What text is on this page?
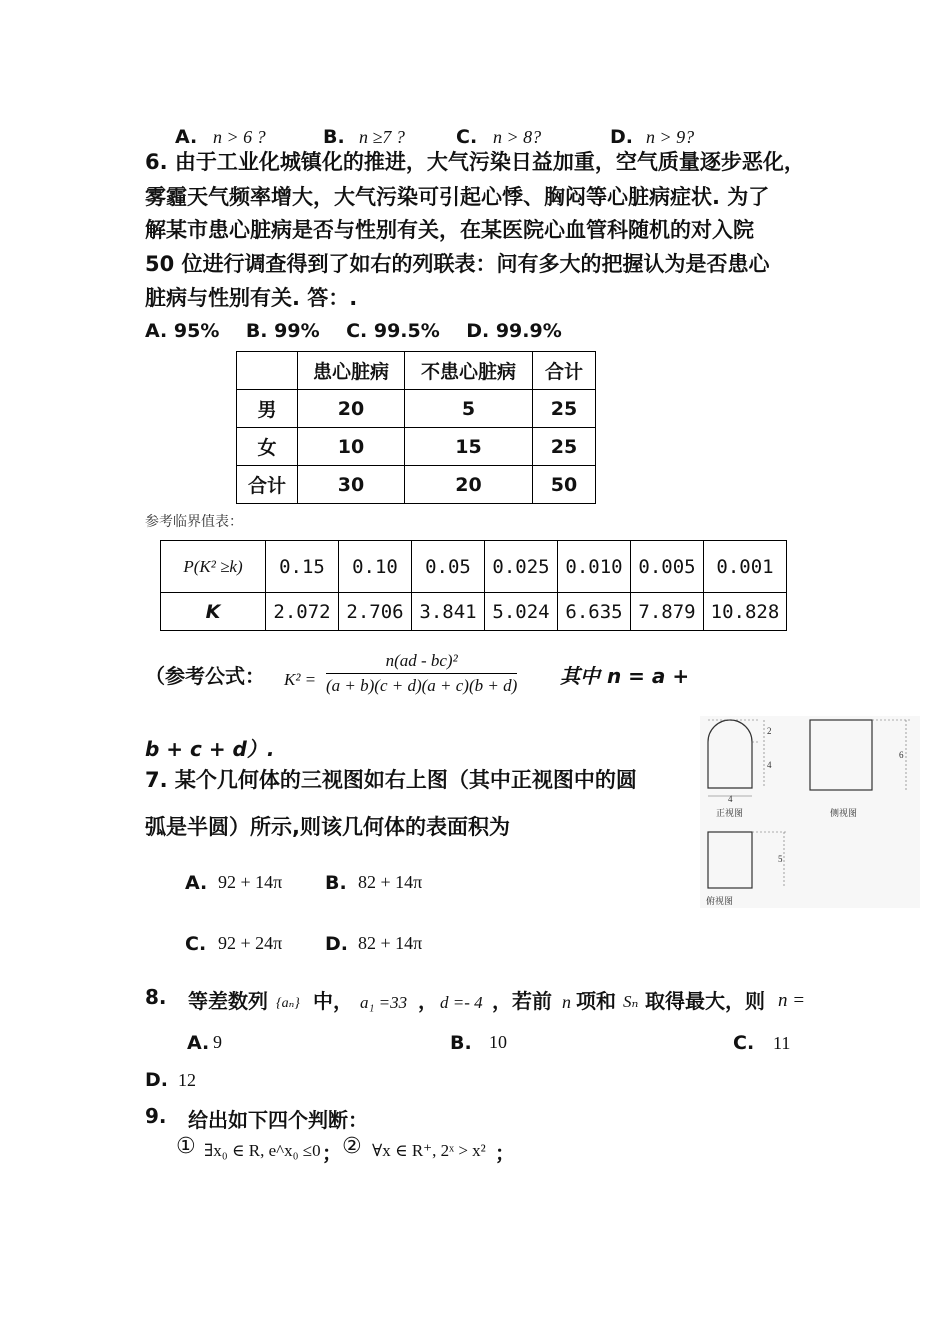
A. n > 6 ?	B. n ≥7 ?	C. n > 8?	D. n > 9?
6. 由于工业化城镇化的推进，大气污染日益加重，空气质量逐步恶化，
雾霾天气频率增大，大气污染可引起心悸、胸闷等心脏病症状. 为了
解某市患心脏病是否与性别有关，在某医院心血管科随机的对入院
50 位进行调查得到了如右的列联表：问有多大的把握认为是否患心
脏病与性别有关. 答：.
A. 95%    B. 99%    C. 99.5%    D. 99.9%
	患心脏病	不患心脏病	合计
男	20	5	25
女	10	15	25
合计	30	20	50
参考临界值表：
P(K² ≥k)	0.15	0.10	0.05	0.025	0.010	0.005	0.001
K	2.072	2.706	3.841	5.024	6.635	7.879	10.828
（参考公式： $K^2 = \frac{\text{n(ad - bc)²}}{(a + b)(c + d)(a + c)(b + d)}$ 其中 n = a +
b + c + d）.
7. 某个几何体的三视图如右上图（其中正视图中的圆
弧是半圆）所示,则该几何体的表面积为
A. 92 + 14π B. 82 + 14π
C. 92 + 24π D. 82 + 14π
2
4
4
正视图
6
侧视图
5
俯视图
8. 等差数列 {aₙ} 中， a₁ =33 ， d =- 4 ，若前 n 项和 Sₙ 取得最大，则 n =
A. 9	B. 10	C. 11
D. 12
9. 给出如下四个判断：
① ∃x₀ ∈ R, e^x₀ ≤0 ； ② ∀x ∈ R⁺, 2ˣ > x² ；
